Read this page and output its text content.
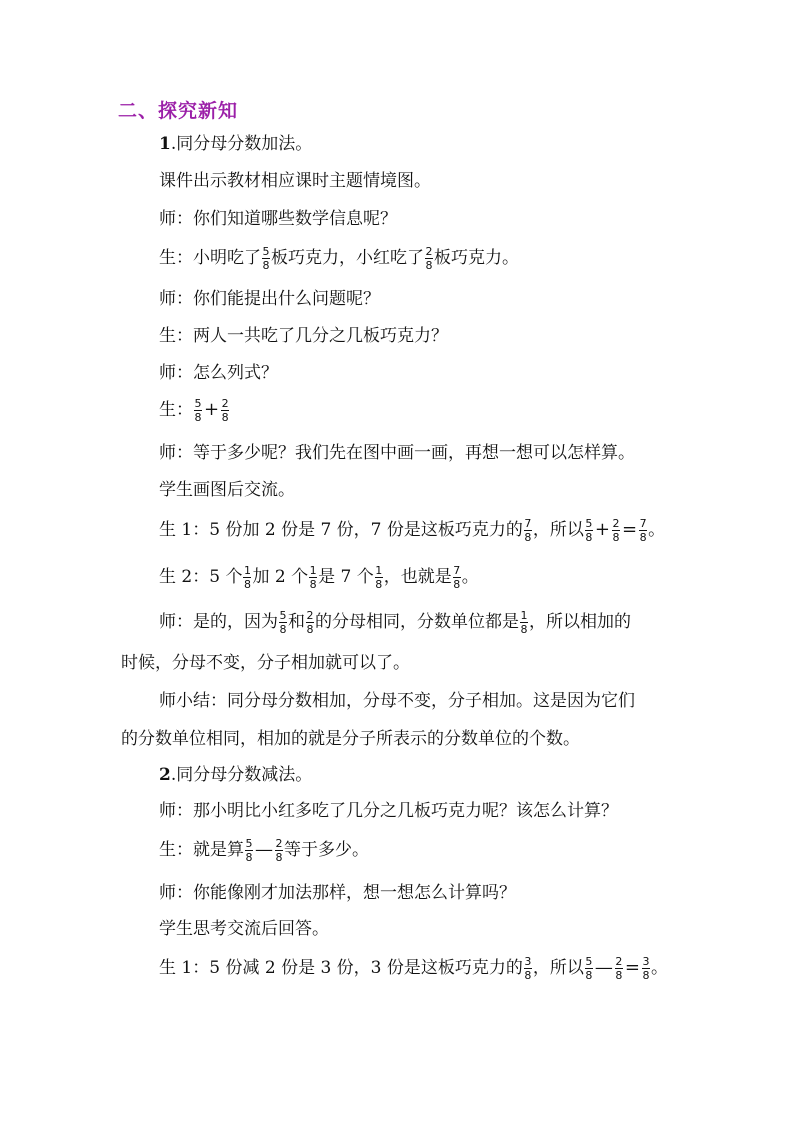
二、探究新知
1.同分母分数加法。
课件出示教材相应课时主题情境图。
师：你们知道哪些数学信息呢？
生：小明吃了 $\frac{5}{8}$ 板巧克力，小红吃了 $\frac{2}{8}$ 板巧克力。
师：你们能提出什么问题呢？
生：两人一共吃了几分之几板巧克力？
师：怎么列式？
生： $\frac{5}{8} + \frac{2}{8}$
师：等于多少呢？我们先在图中画一画，再想一想可以怎样算。
学生画图后交流。
生 1：5 份加 2 份是 7 份，7 份是这板巧克力的 $\frac{7}{8}$ ，所以 $\frac{5}{8} + \frac{2}{8} = \frac{7}{8}$ 。
生 2：5 个 $\frac{1}{8}$ 加 2 个 $\frac{1}{8}$ 是 7 个 $\frac{1}{8}$ ，也就是 $\frac{7}{8}$ 。
师：是的，因为 $\frac{5}{8}$ 和 $\frac{2}{8}$ 的分母相同，分数单位都是 $\frac{1}{8}$ ，所以相加的
时候，分母不变，分子相加就可以了。
师小结：同分母分数相加，分母不变，分子相加。这是因为它们
的分数单位相同，相加的就是分子所表示的分数单位的个数。
2.同分母分数减法。
师：那小明比小红多吃了几分之几板巧克力呢？该怎么计算？
生：就是算 $\frac{5}{8}$ — $\frac{2}{8}$ 等于多少。
师：你能像刚才加法那样，想一想怎么计算吗？
学生思考交流后回答。
生 1：5 份减 2 份是 3 份，3 份是这板巧克力的 $\frac{3}{8}$ ，所以 $\frac{5}{8}$ — $\frac{2}{8} = \frac{3}{8}$ 。
